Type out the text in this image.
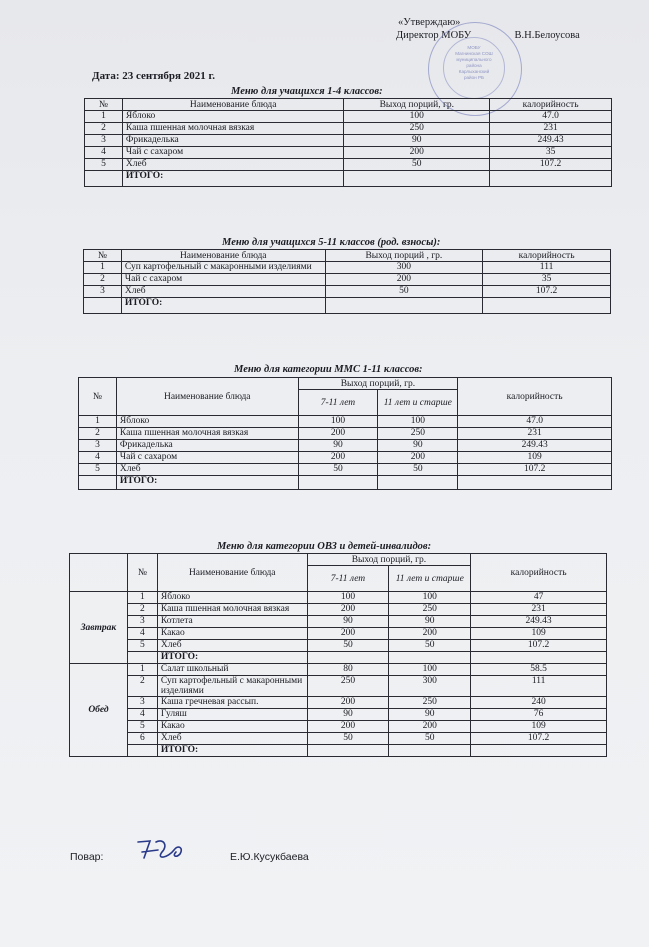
«Утверждаю»
Директор МОБУ	В.Н.Белоусова
МОБУ
Магнинская СОШ
муниципального
района
Карлыханский
район РБ
Дата: 23 сентября 2021 г.
Меню для учащихся 1-4 классов:
№	Наименование блюда	Выход порций, гр.	калорийность
1	Яблоко	100	47.0
2	Каша пшенная молочная вязкая	250	231
3	Фрикаделька	90	249.43
4	Чай с сахаром	200	35
5	Хлеб	50	107.2
	ИТОГО:		
Меню для учащихся 5-11 классов (род. взносы):
№	Наименование блюда	Выход порций , гр.	калорийность
1	Суп картофельный с макаронными изделиями	300	111
2	Чай с сахаром	200	35
3	Хлеб	50	107.2
	ИТОГО:		
Меню для категории ММС 1-11 классов:
№	Наименование блюда	Выход порций, гр.		калорийность
		7-11 лет	11 лет и старше	
1	Яблоко	100	100	47.0
2	Каша пшенная молочная вязкая	200	250	231
3	Фрикаделька	90	90	249.43
4	Чай с сахаром	200	200	109
5	Хлеб	50	50	107.2
	ИТОГО:			
Меню для категории ОВЗ и детей-инвалидов:
	№	Наименование блюда	Выход порций, гр.		калорийность
			7-11 лет	11 лет и старше	
Завтрак	1	Яблоко	100	100	47
	2	Каша пшенная молочная вязкая	200	250	231
	3	Котлета	90	90	249.43
	4	Какао	200	200	109
	5	Хлеб	50	50	107.2
		ИТОГО:			
Обед	1	Салат школьный	80	100	58.5
	2	Суп картофельный с макаронными изделиями	250	300	111
	3	Каша гречневая рассып.	200	250	240
	4	Гуляш	90	90	76
	5	Какао	200	200	109
	6	Хлеб	50	50	107.2
		ИТОГО:			
Повар:	Е.Ю.Кусукбаева
